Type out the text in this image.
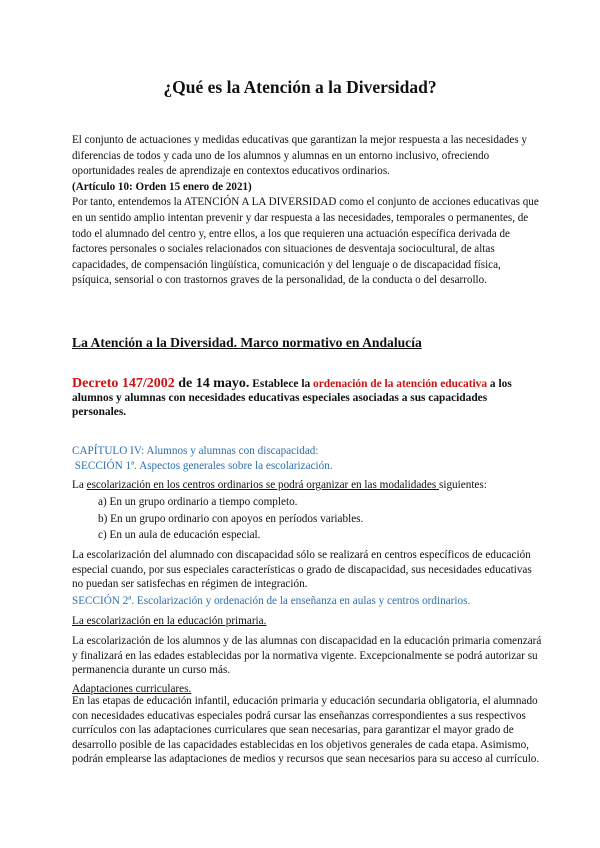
¿Qué es la Atención a la Diversidad?

El conjunto de actuaciones y medidas educativas que garantizan la mejor respuesta a las necesidades y diferencias de todos y cada uno de los alumnos y alumnas en un entorno inclusivo, ofreciendo oportunidades reales de aprendizaje en contextos educativos ordinarios.

(Artículo 10: Orden 15 enero de 2021)

Por tanto, entendemos la ATENCIÓN A LA DIVERSIDAD como el conjunto de acciones educativas que en un sentido amplio intentan prevenir y dar respuesta a las necesidades, temporales o permanentes, de todo el alumnado del centro y, entre ellos, a los que requieren una actuación específica derivada de factores personales o sociales relacionados con situaciones de desventaja sociocultural, de altas capacidades, de compensación lingüística, comunicación y del lenguaje o de discapacidad física, psíquica, sensorial o con trastornos graves de la personalidad, de la conducta o del desarrollo.

La Atención a la Diversidad. Marco normativo en Andalucía

Decreto 147/2002 de 14 mayo. Establece la ordenación de la atención educativa a los alumnos y alumnas con necesidades educativas especiales asociadas a sus capacidades personales.

CAPÍTULO IV: Alumnos y alumnas con discapacidad:
SECCIÓN 1ª. Aspectos generales sobre la escolarización.

La escolarización en los centros ordinarios se podrá organizar en las modalidades siguientes:

a) En un grupo ordinario a tiempo completo.
b) En un grupo ordinario con apoyos en períodos variables.
c) En un aula de educación especial.

La escolarización del alumnado con discapacidad sólo se realizará en centros específicos de educación especial cuando, por sus especiales características o grado de discapacidad, sus necesidades educativas no puedan ser satisfechas en régimen de integración.

SECCIÓN 2ª. Escolarización y ordenación de la enseñanza en aulas y centros ordinarios.

La escolarización en la educación primaria.

La escolarización de los alumnos y de las alumnas con discapacidad en la educación primaria comenzará y finalizará en las edades establecidas por la normativa vigente. Excepcionalmente se podrá autorizar su permanencia durante un curso más.

Adaptaciones curriculares.

En las etapas de educación infantil, educación primaria y educación secundaria obligatoria, el alumnado con necesidades educativas especiales podrá cursar las enseñanzas correspondientes a sus respectivos currículos con las adaptaciones curriculares que sean necesarias, para garantizar el mayor grado de desarrollo posible de las capacidades establecidas en los objetivos generales de cada etapa. Asimismo, podrán emplearse las adaptaciones de medios y recursos que sean necesarios para su acceso al currículo.
